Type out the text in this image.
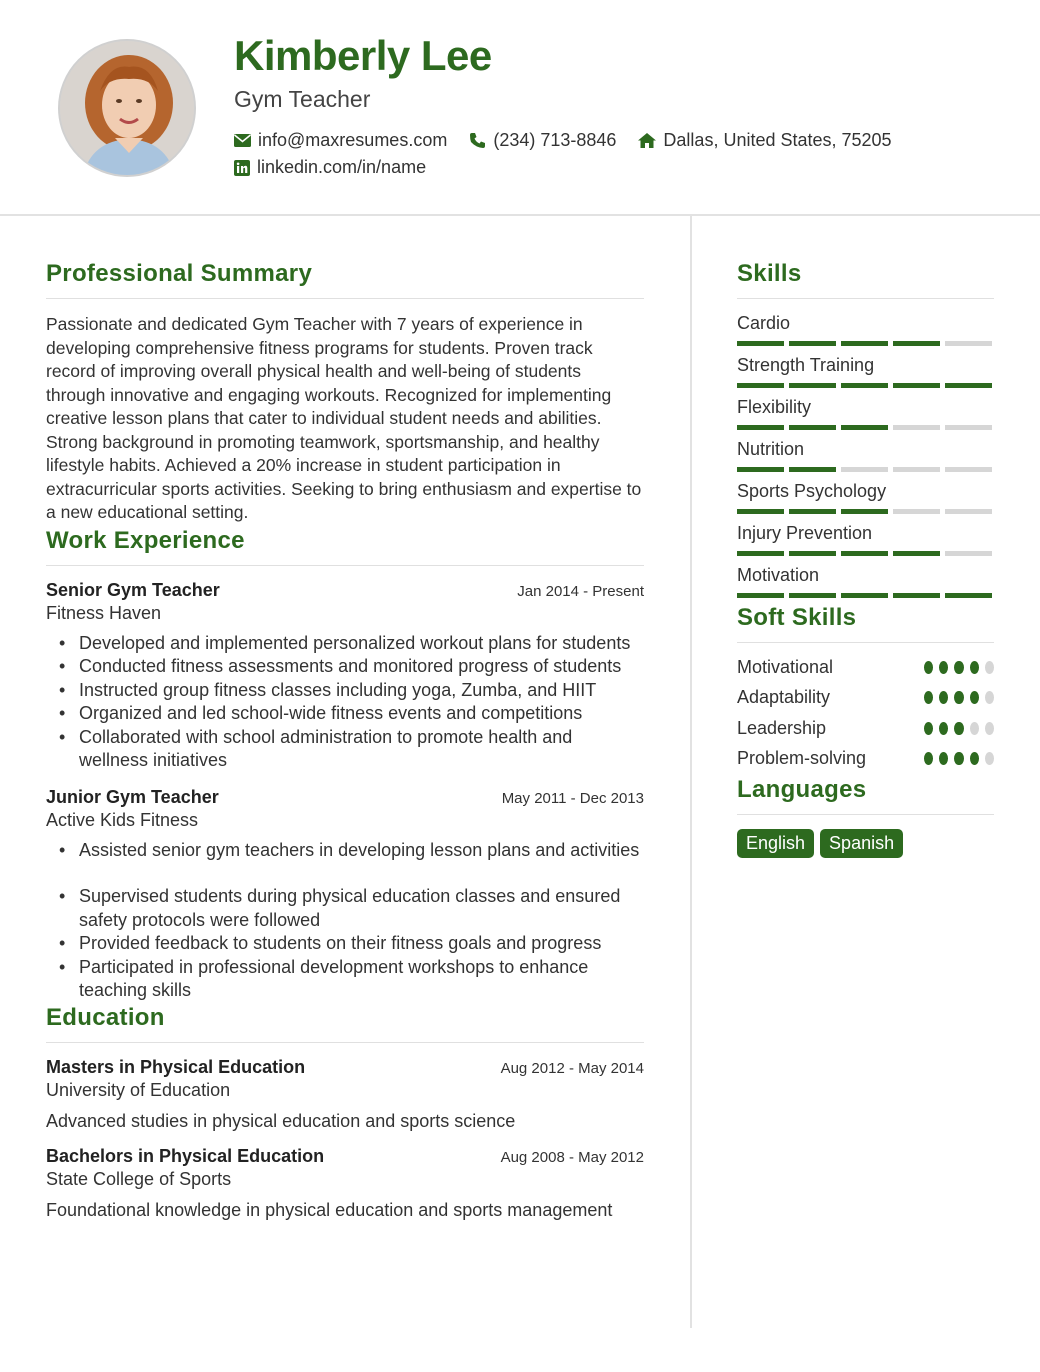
Kimberly Lee
Gym Teacher
info@maxresumes.com	(234) 713-8846	Dallas, United States, 75205
linkedin.com/in/name
Professional Summary
Passionate and dedicated Gym Teacher with 7 years of experience in developing comprehensive fitness programs for students. Proven track record of improving overall physical health and well-being of students through innovative and engaging workouts. Recognized for implementing creative lesson plans that cater to individual student needs and abilities. Strong background in promoting teamwork, sportsmanship, and healthy lifestyle habits. Achieved a 20% increase in student participation in extracurricular sports activities. Seeking to bring enthusiasm and expertise to a new educational setting.
Work Experience
Senior Gym Teacher	Jan 2014 - Present
Fitness Haven
• Developed and implemented personalized workout plans for students
• Conducted fitness assessments and monitored progress of students
• Instructed group fitness classes including yoga, Zumba, and HIIT
• Organized and led school-wide fitness events and competitions
• Collaborated with school administration to promote health and wellness initiatives
Junior Gym Teacher	May 2011 - Dec 2013
Active Kids Fitness
• Assisted senior gym teachers in developing lesson plans and activities
• Supervised students during physical education classes and ensured safety protocols were followed
• Provided feedback to students on their fitness goals and progress
• Participated in professional development workshops to enhance teaching skills
Education
Masters in Physical Education	Aug 2012 - May 2014
University of Education
Advanced studies in physical education and sports science
Bachelors in Physical Education	Aug 2008 - May 2012
State College of Sports
Foundational knowledge in physical education and sports management
Skills
Cardio
Strength Training
Flexibility
Nutrition
Sports Psychology
Injury Prevention
Motivation
Soft Skills
Motivational
Adaptability
Leadership
Problem-solving
Languages
English	Spanish
